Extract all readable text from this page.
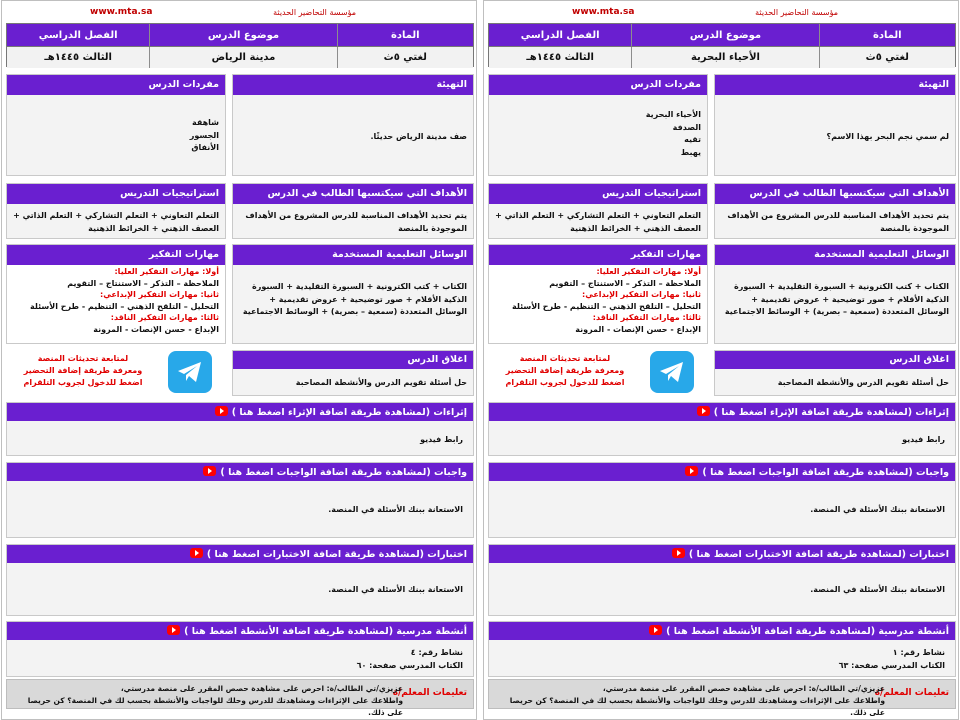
www.mta.sa	مؤسسة التحاضير الحديثة
المادة
موضوع الدرس
الفصل الدراسي
لغتي ٥ث
مدينة الرياض
الثالث ١٤٤٥هـ
التهيئة
صف مدينة الرياض حديثًا.
مفردات الدرس
شاهقة
الجسور
الأنفاق
الأهداف التي سيكتسبها الطالب في الدرس
يتم تحديد الأهداف المناسبة للدرس المشروع من الأهداف الموجودة بالمنصة
استراتيجيات التدريس
التعلم التعاوني + التعلم التشاركي + التعلم الذاتي + العصف الذهني + الخرائط الذهنية
الوسائل التعليمية المستخدمة
الكتاب + كتب الكترونية + السبورة التقليدية + السبورة الذكية الأقلام + صور توضيحية + عروض تقديمية + الوسائل المتعددة (سمعية – بصرية) + الوسائط الاجتماعية
مهارات التفكير
أولا: مهارات التفكير العليا:
الملاحظة – التذكر – الاستنتاج – التقويم
ثانيا: مهارات التفكير الإبداعي:
التحليل – التلقح الذهني – التنظيم - طرح الأسئلة
ثالثا: مهارات التفكير الناقد:
الإبداع - حسن الإنصات - المرونة
لمتابعة تحديثات المنصة
ومعرفة طريقة إضافة التحضير
اضغط للدخول لجروب التلقرام
اغلاق الدرس
حل أسئلة تقويم الدرس والأنشطة المصاحبة
إثراءات (لمشاهدة طريقة اضافة الإثراء اضغط هنا )
رابط فيديو
واجبات (لمشاهدة طريقة اضافة الواجبات اضغط هنا )
الاستعانة ببنك الأسئلة في المنصة.
اختبارات (لمشاهدة طريقة اضافة الاختبارات اضغط هنا )
الاستعانة ببنك الأسئلة في المنصة.
أنشطة مدرسية (لمشاهدة طريقة اضافة الأنشطة اضغط هنا )
نشاط رقم: ٤
الكتاب المدرسي صفحة: ٦٠
تعليمات المعلم/ة
عزيزي/تي الطالب/ة: احرص على مشاهدة حصص المقرر على منصة مدرستي،
واطلاعك على الإثراءات ومشاهدتك للدرس وحلك للواجبات والأنشطة بحسب لك في المنصة؟ كن حريصا على ذلك.
www.mta.sa	مؤسسة التحاضير الحديثة
المادة
موضوع الدرس
الفصل الدراسي
لغتي ٥ث
الأحياء البحرية
الثالث ١٤٤٥هـ
التهيئة
لم سمي نجم البحر بهذا الاسم؟
مفردات الدرس
الأحياء البحرية
الصدفة
تقيه
يهبط
الأهداف التي سيكتسبها الطالب في الدرس
يتم تحديد الأهداف المناسبة للدرس المشروع من الأهداف الموجودة بالمنصة
استراتيجيات التدريس
التعلم التعاوني + التعلم التشاركي + التعلم الذاتي + العصف الذهني + الخرائط الذهنية
الوسائل التعليمية المستخدمة
الكتاب + كتب الكترونية + السبورة التقليدية + السبورة الذكية الأقلام + صور توضيحية + عروض تقديمية + الوسائل المتعددة (سمعية – بصرية) + الوسائط الاجتماعية
مهارات التفكير
أولا: مهارات التفكير العليا:
الملاحظة – التذكر – الاستنتاج – التقويم
ثانيا: مهارات التفكير الإبداعي:
التحليل – التلقح الذهني – التنظيم - طرح الأسئلة
ثالثا: مهارات التفكير الناقد:
الإبداع - حسن الإنصات - المرونة
لمتابعة تحديثات المنصة
ومعرفة طريقة إضافة التحضير
اضغط للدخول لجروب التلقرام
اغلاق الدرس
حل أسئلة تقويم الدرس والأنشطة المصاحبة
إثراءات (لمشاهدة طريقة اضافة الإثراء اضغط هنا )
رابط فيديو
واجبات (لمشاهدة طريقة اضافة الواجبات اضغط هنا )
الاستعانة ببنك الأسئلة في المنصة.
اختبارات (لمشاهدة طريقة اضافة الاختبارات اضغط هنا )
الاستعانة ببنك الأسئلة في المنصة.
أنشطة مدرسية (لمشاهدة طريقة اضافة الأنشطة اضغط هنا )
نشاط رقم: ١
الكتاب المدرسي صفحة: ٦٣
تعليمات المعلم/ة
عزيزي/تي الطالب/ة: احرص على مشاهدة حصص المقرر على منصة مدرستي،
واطلاعك على الإثراءات ومشاهدتك للدرس وحلك للواجبات والأنشطة بحسب لك في المنصة؟ كن حريصا على ذلك.
